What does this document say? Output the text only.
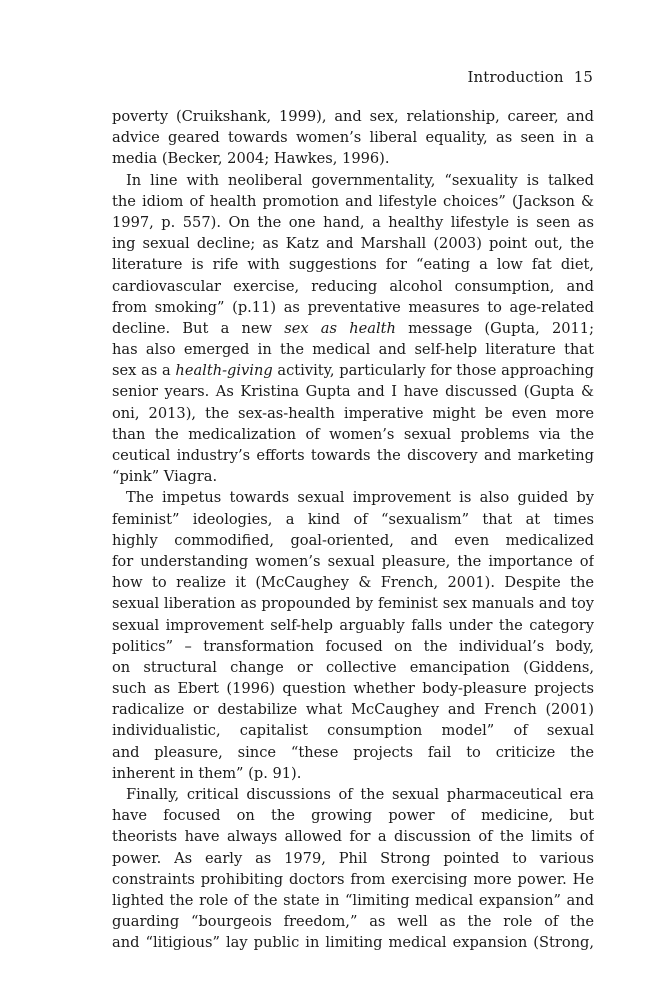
Introduction 15
poverty (Cruikshank, 1999), and sex, relationship, career, and
advice geared towards women’s liberal equality, as seen in a
media (Becker, 2004; Hawkes, 1996).
In line with neoliberal governmentality, “sexuality is talked
the idiom of health promotion and lifestyle choices” (Jackson &
1997, p. 557). On the one hand, a healthy lifestyle is seen as
ing sexual decline; as Katz and Marshall (2003) point out, the
literature is rife with suggestions for “eating a low fat diet,
cardiovascular exercise, reducing alcohol consumption, and
from smoking” (p.11) as preventative measures to age-related
decline. But a new sex as health message (Gupta, 2011;
has also emerged in the medical and self-help literature that
sex as a health-giving activity, particularly for those approaching
senior years. As Kristina Gupta and I have discussed (Gupta &
oni, 2013), the sex-as-health imperative might be even more
than the medicalization of women’s sexual problems via the
ceutical industry’s efforts towards the discovery and marketing
“pink” Viagra.
The impetus towards sexual improvement is also guided by
feminist” ideologies, a kind of “sexualism” that at times
highly commodified, goal-oriented, and even medicalized
for understanding women’s sexual pleasure, the importance of
how to realize it (McCaughey & French, 2001). Despite the
sexual liberation as propounded by feminist sex manuals and toy
sexual improvement self-help arguably falls under the category
politics” – transformation focused on the individual’s body,
on structural change or collective emancipation (Giddens,
such as Ebert (1996) question whether body-pleasure projects
radicalize or destabilize what McCaughey and French (2001)
individualistic, capitalist consumption model” of sexual
and pleasure, since “these projects fail to criticize the
inherent in them” (p. 91).
Finally, critical discussions of the sexual pharmaceutical era
have focused on the growing power of medicine, but
theorists have always allowed for a discussion of the limits of
power. As early as 1979, Phil Strong pointed to various
constraints prohibiting doctors from exercising more power. He
lighted the role of the state in “limiting medical expansion” and
guarding “bourgeois freedom,” as well as the role of the
and “litigious” lay public in limiting medical expansion (Strong,
